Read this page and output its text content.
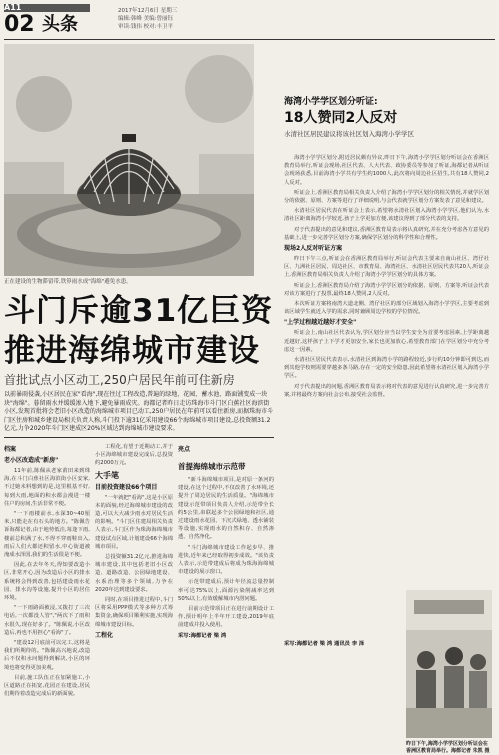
A11
02 头条
2017年12月6日 星期三
编辑:韩峰 美编:曾丽钰
审读:钱伟 校对:丰卫平
正在建设的生物滞留带,铁箅雨水成"海绵"避免水患。
斗门斥逾31亿巨资
推进海绵城市建设
首批试点小区动工,250户居民年前可住新房
以前暴雨侵袭,小区居民在家"看海",现在往过工程改造,普遍的绿地、花园、蓄水池、路面铺变成一块块"海绵"。暮留雨水并缓缓渗入地下,避免暴雨成灾。海都记者昨日走访珠海市斗门区白蕉社区海滨街小区,发现首批将会老旧小区改造的海绵城市项目已动工,250户居民在年前可以看住新房,而据珠海市斗门区住房和城乡建设局相关负责人称,斗门投下逾31亿采用建设66个海绵城市项目建设,总投资额31.2亿元,力争2020年斗门区建成区20%区域达到海绵城市建设要求。
档案
老小区改造成"新房"

11年前,陈佩从老家莆田来到珠海,在斗门白蕉社区海滨街小区安家,不过她未料想到的是,这里根基不好,每到大雨,地面的积水都会漫进一楼住户的房间,生活非常不便。

"一下雨楼前水,水深30~40厘米,只能走在有石头的地方。"陈佩告诉海都记者,由于地势低洼,每逢下雨,楼前总积满了水,不得不穿雨鞋出入,雨后人们大都还积留水,中心街道被淹成水泽国,我们的生活很是不便。

因此,在去年冬天,得知要改造小区,非常开心,因为改造后小区的排水系统将会得到改善,包括建设雨水花园、排水沟等设施,提升小区的居住环境。

"一下雨路面被浸,又拨打了三次电话,一次都没人管","两次下了雨积水很久,现在好多了。"陈佩说,小区改造后,再也不用担心"看海"了。

"建设12月底前可以完工,这将是我们所期待的。"陈佩高兴地说,改造后不仅积水问题得到解决,小区的环境也将变得更加美观。

目前,施工队伍正在加紧施工,小区道路正在拓宽,花园正在建设,居民们期待着改造完成后的新面貌。

工程化,有望于近期动工,并于小区海绵城市建设完成后,总投资约2000万元。

大手笔
目前投资建设66个项目

"一年就把"看海",这是小区原本的面貌,经过海绵城市建设的改造,可以大大减少雨水对居民生活的影响。"斗门区住建局相关负责人表示,斗门区作为珠海海绵城市建设试点区域,计划建设66个海绵城市项目。

总投资额31.2亿元,推进海绵城市建设,其中包括老旧小区改造、道路改造、公园绿地建设、水系治理等多个领域,力争在2020年达到建设要求。

同时,在项目推进过程中,斗门区将采用PPP模式等多种方式筹集资金,确保项目顺利实施,实现海绵城市建设目标。

工程化
亮点
首提海绵城市示范带

"新斗海绵城市项目,是对原一条河的建设,在这个过程中,不仅改善了水环境,还提升了周边居民的生活质量。"海绵城市建设示范带项目负责人介绍,示范带全长约5公里,串联起多个公园绿地和社区,通过建设雨水花园、下沉式绿地、透水铺装等设施,实现雨水的自然积存、自然渗透、自然净化。

"斗门海绵城市建设工作起步早、推进快,近年来已经取得初步成效。"该负责人表示,示范带建成后将成为珠海海绵城市建设的展示窗口。

示范带建成后,预计年径流总量控制率可达75%以上,面源污染削减率达到50%以上,有效缓解城市内涝问题。

目前示范带项目正在进行前期设计工作,预计明年上半年开工建设,2019年底前建成并投入使用。

采写:海都记者 梁 鸿
海湾小学学区划分听证:
18人赞同2人反对
水清社区居民建议将该社区划入海湾小学学区

海湾小学学区划分,附近居民颇有异议,昨日下午,海湾小学学区划分听证会在香洲区教育局举行,听证会现场,社区代表、人大代表、政协委员等参加了听证,海都记者从听证会现场获悉,目前海湾小学共有学生约1000人,此次将向周边社区招生,共有18人赞同,2人反对。

听证会上,香洲区教育局相关负责人介绍了海湾小学学区划分的相关情况,并就学区划分的依据、原则、方案等进行了详细说明,与会代表就学区划分方案发表了意见和建议。

水清社区居民代表在听证会上表示,希望将水清社区划入海湾小学学区,他们认为,水清社区距离海湾小学较近,孩子上学更加方便,该建议得到了部分代表的支持。

对于代表提出的意见和建议,香洲区教育局表示将认真研究,并在充分考虑各方意见的基础上,进一步完善学区划分方案,确保学区划分的科学性和合理性。

现场2人反对听证方案

昨日下午三点,听证会在香洲区教育局举行,听证会代表主要来自南山社区、湾仔社区、九洲社区居民、周边社区、市教育局、海湾社区、水清社区居民代表共20人,听证会上,香洲区教育局相关负责人介绍了海湾小学学区划分的具体方案。

听证会上,香洲区教育局介绍了海湾小学学区划分的依据、原则、方案等,听证会代表对该方案进行了投票,最终18人赞同,2人反对。

本次听证方案将南湾大道北侧、湾仔社区的部分区域划入海湾小学学区,主要考虑到该区域学生就近入学的需求,同时兼顾周边学校的学位情况。

"上学过程越近越好才安全"

听证会上,南山社区代表认为,学区划分应当以学生安全为首要考虑因素,上学距离越近越好,这样孩子上下学才更加安全,家长也更加放心,希望教育部门在学区划分中充分考虑这一因素。

水清社区居民代表表示,水清社区到海湾小学的路程较近,步行约10分钟即可到达,而到其他学校则需要穿越多条马路,存在一定的安全隐患,因此希望将水清社区划入海湾小学学区。

对于代表提出的问题,香洲区教育局表示将对代表的意见进行认真研究,进一步完善方案,并将最终方案向社会公布,接受社会监督。

采写:海都记者 梁 鸿 通讯员 李 泽
昨日下午,海湾小学学区划分听证会在香洲区教育局举行。海都记者 朱凯 摄
